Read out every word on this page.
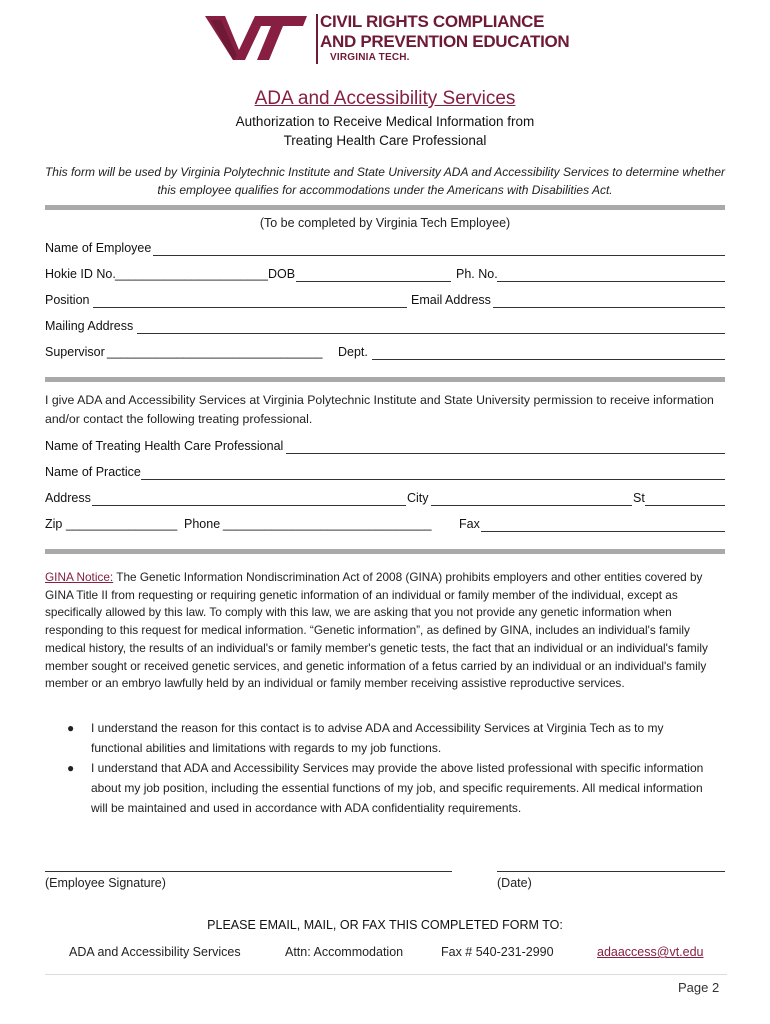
CIVIL RIGHTS COMPLIANCE
AND PREVENTION EDUCATION
VIRGINIA TECH.
ADA and Accessibility Services
Authorization to Receive Medical Information from
Treating Health Care Professional
This form will be used by Virginia Polytechnic Institute and State University ADA and Accessibility Services to determine whether this employee qualifies for accommodations under the Americans with Disabilities Act.
(To be completed by Virginia Tech Employee)
Name of Employee
Hokie ID No. ______________________ DOB	Ph. No.
Position	Email Address
Mailing Address
Supervisor _______________________________ Dept.
I give ADA and Accessibility Services at Virginia Polytechnic Institute and State University permission to receive information and/or contact the following treating professional.
Name of Treating Health Care Professional
Name of Practice
Address	City	St
Zip ________________ Phone ______________________________ Fax
GINA Notice: The Genetic Information Nondiscrimination Act of 2008 (GINA) prohibits employers and other entities covered by GINA Title II from requesting or requiring genetic information of an individual or family member of the individual, except as specifically allowed by this law. To comply with this law, we are asking that you not provide any genetic information when responding to this request for medical information. “Genetic information”, as defined by GINA, includes an individual's family medical history, the results of an individual's or family member's genetic tests, the fact that an individual or an individual's family member sought or received genetic services, and genetic information of a fetus carried by an individual or an individual's family member or an embryo lawfully held by an individual or family member receiving assistive reproductive services.
● I understand the reason for this contact is to advise ADA and Accessibility Services at Virginia Tech as to my functional abilities and limitations with regards to my job functions.
● I understand that ADA and Accessibility Services may provide the above listed professional with specific information about my job position, including the essential functions of my job, and specific requirements. All medical information will be maintained and used in accordance with ADA confidentiality requirements.
(Employee Signature)	(Date)
PLEASE EMAIL, MAIL, OR FAX THIS COMPLETED FORM TO:
ADA and Accessibility Services	Attn: Accommodation	Fax # 540-231-2990	adaaccess@vt.edu
Page 2
